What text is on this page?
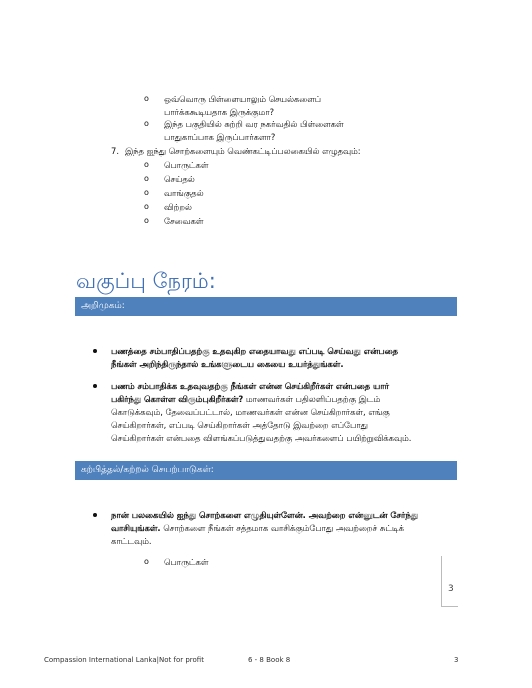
o ஒவ்வொரு பிள்ளையாலும் செயல்களைப்
பார்க்ககூடியதாக இருக்குமா?
o இந்த பகுதியில் சுற்றி வர நகர்வதில் பிள்ளைகள்
பாதுகாப்பாக இருப்பார்களா?
7. இந்த ஐந்து சொற்களையும் வெண்கட்டிப்பலகையில் எழுதவும்:
o பொருட்கள்
o செய்தல்
o வாங்குதல்
o விற்றல்
o சேவைகள்
வகுப்பு நேரம்:
அறிமுகம்:
பணத்தை சம்பாதிப்பதற்கு உதவுகிற எதையாவது எப்படி செய்வது என்பதை
நீங்கள் அறிந்திருந்தால் உங்களுடைய கையை உயர்த்துங்கள்.
பணம் சம்பாதிக்க உதவுவதற்கு நீங்கள் என்ன செய்கிறீர்கள் என்பதை யார்
பகிர்ந்து கொள்ள விரும்புகிறீர்கள்? மாணவர்கள் பதிலளிப்பதற்கு இடம்
கொடுக்கவும், தேவைப்பட்டால், மாணவர்கள் என்ன செய்கிறார்கள், எங்கு
செய்கிறார்கள், எப்படி செய்கிறார்கள் அத்தோடு இவற்றை எப்போது
செய்கிறார்கள் என்பதை விளங்கப்படுத்துவதற்கு அவர்களைப் பயிற்றுவிக்கவும்.
கற்பித்தல்/கற்றல் செயற்பாடுகள்:
நான் பலகையில் ஐந்து சொற்களை எழுதியுள்ளேன். அவற்றை என்னுடன் சேர்ந்து
வாசியுங்கள். சொற்களை நீங்கள் சத்தமாக வாசிக்கும்போது அவற்றைச் சுட்டிக்
காட்டவும்.
o பொருட்கள்
3
Compassion International Lanka|Not for profit	6 - 8 Book 8	3
